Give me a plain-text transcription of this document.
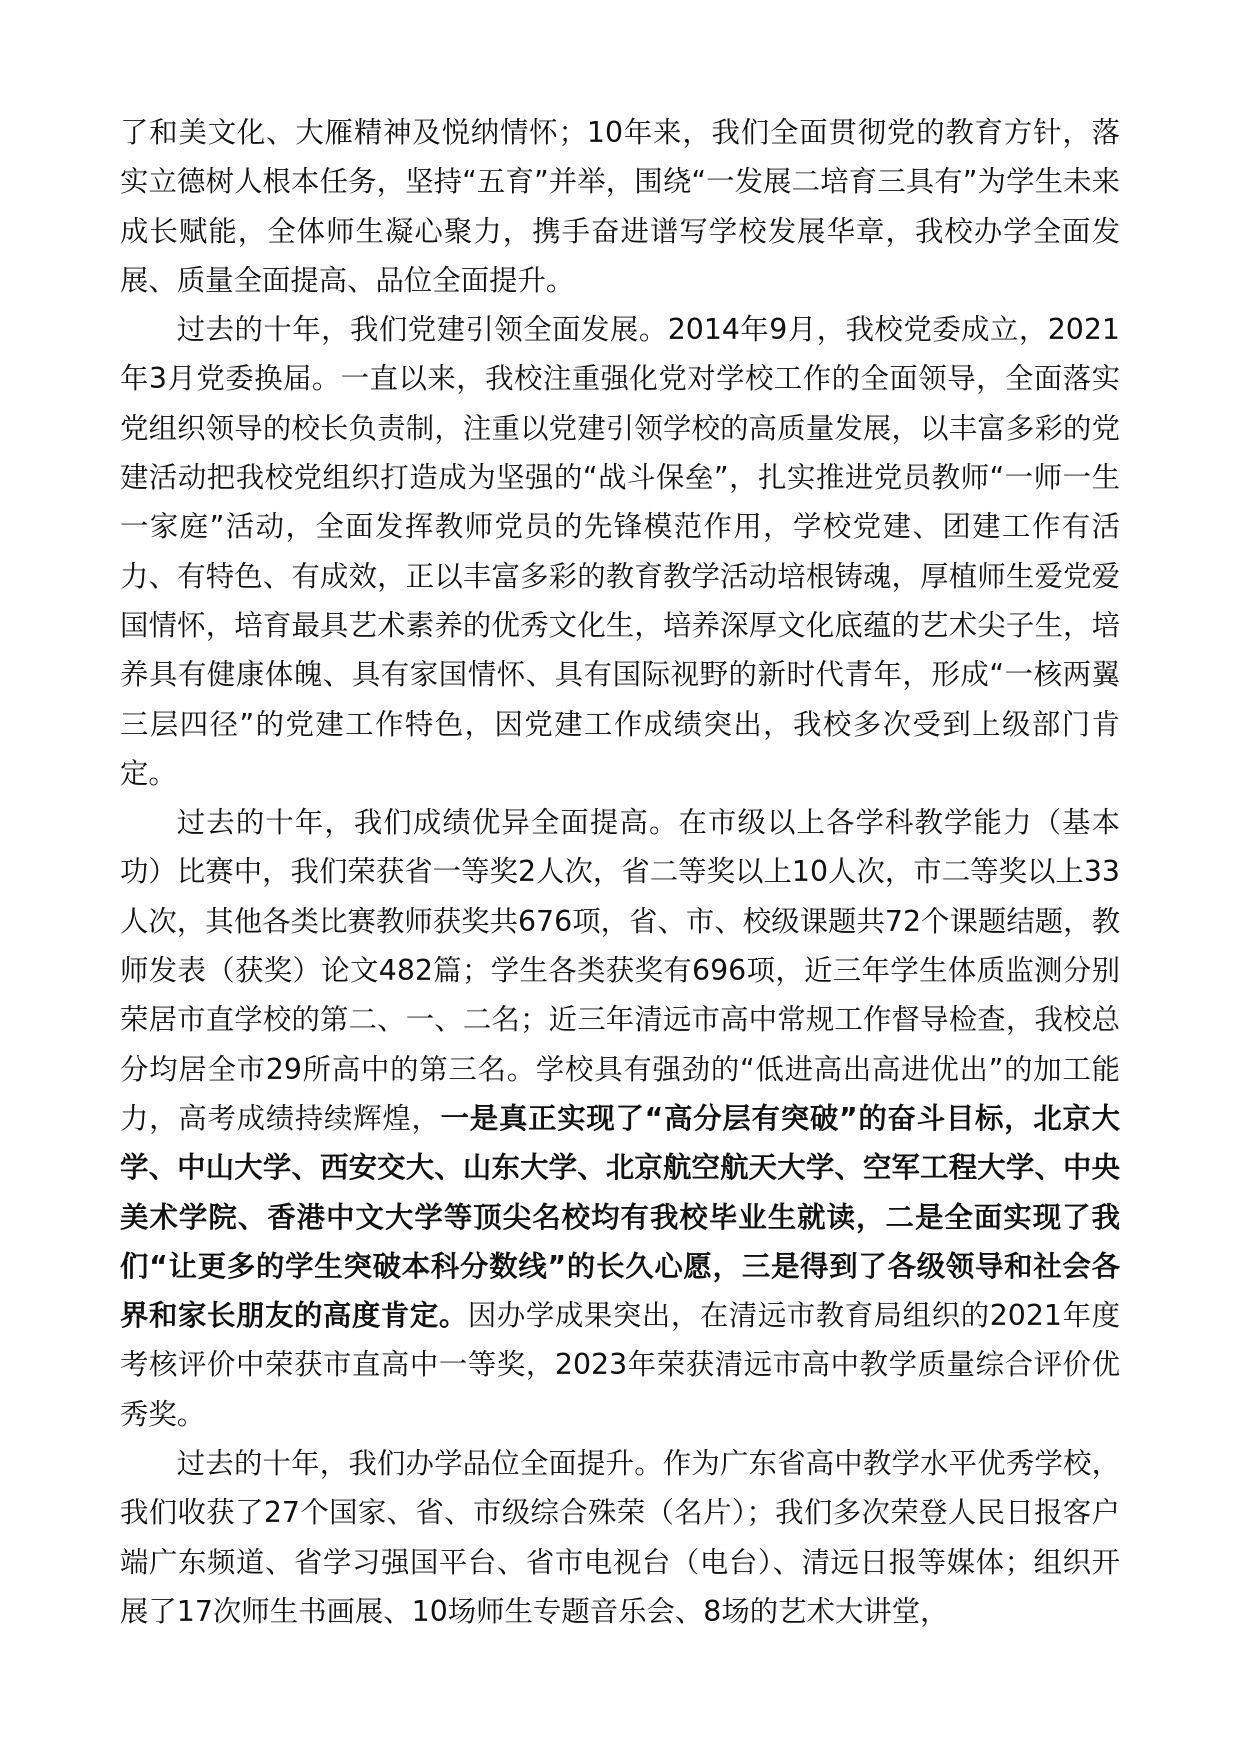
了和美文化、大雁精神及悦纳情怀；10年来，我们全面贯彻党的教育方针，落实立德树人根本任务，坚持“五育”并举，围绕“一发展二培育三具有”为学生未来成长赋能，全体师生凝心聚力，携手奋进谱写学校发展华章，我校办学全面发展、质量全面提高、品位全面提升。

过去的十年，我们党建引领全面发展。2014年9月，我校党委成立，2021年3月党委换届。一直以来，我校注重强化党对学校工作的全面领导，全面落实党组织领导的校长负责制，注重以党建引领学校的高质量发展，以丰富多彩的党建活动把我校党组织打造成为坚强的“战斗保垒”，扎实推进党员教师“一师一生一家庭”活动，全面发挥教师党员的先锋模范作用，学校党建、团建工作有活力、有特色、有成效，正以丰富多彩的教育教学活动培根铸魂，厚植师生爱党爱国情怀，培育最具艺术素养的优秀文化生，培养深厚文化底蕴的艺术尖子生，培养具有健康体魄、具有家国情怀、具有国际视野的新时代青年，形成“一核两翼三层四径”的党建工作特色，因党建工作成绩突出，我校多次受到上级部门肯定。

过去的十年，我们成绩优异全面提高。在市级以上各学科教学能力（基本功）比赛中，我们荣获省一等奖2人次，省二等奖以上10人次，市二等奖以上33人次，其他各类比赛教师获奖共676项，省、市、校级课题共72个课题结题，教师发表（获奖）论文482篇；学生各类获奖有696项，近三年学生体质监测分别荣居市直学校的第二、一、二名；近三年清远市高中常规工作督导检查，我校总分均居全市29所高中的第三名。学校具有强劲的“低进高出高进优出”的加工能力，高考成绩持续辉煌，一是真正实现了“高分层有突破”的奋斗目标，北京大学、中山大学、西安交大、山东大学、北京航空航天大学、空军工程大学、中央美术学院、香港中文大学等顶尖名校均有我校毕业生就读，二是全面实现了我们“让更多的学生突破本科分数线”的长久心愿，三是得到了各级领导和社会各界和家长朋友的高度肯定。因办学成果突出，在清远市教育局组织的2021年度考核评价中荣获市直高中一等奖，2023年荣获清远市高中教学质量综合评价优秀奖。

过去的十年，我们办学品位全面提升。作为广东省高中教学水平优秀学校，我们收获了27个国家、省、市级综合殊荣（名片）；我们多次荣登人民日报客户端广东频道、省学习强国平台、省市电视台（电台）、清远日报等媒体；组织开展了17次师生书画展、10场师生专题音乐会、8场的艺术大讲堂，
